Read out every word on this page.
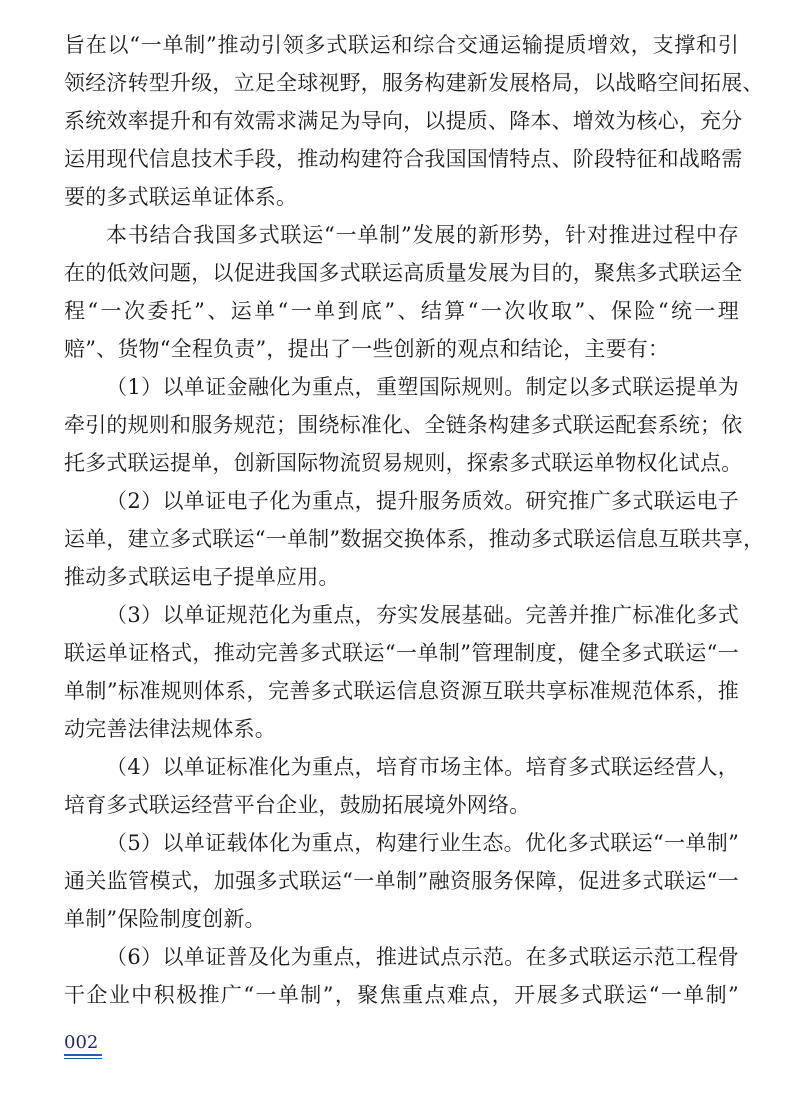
旨在以“一单制”推动引领多式联运和综合交通运输提质增效，支撑和引
领经济转型升级，立足全球视野，服务构建新发展格局，以战略空间拓展、
系统效率提升和有效需求满足为导向，以提质、降本、增效为核心，充分
运用现代信息技术手段，推动构建符合我国国情特点、阶段特征和战略需
要的多式联运单证体系。
本书结合我国多式联运“一单制”发展的新形势，针对推进过程中存
在的低效问题，以促进我国多式联运高质量发展为目的，聚焦多式联运全
程“一次委托”、运单“一单到底”、结算“一次收取”、保险“统一理
赔”、货物“全程负责”，提出了一些创新的观点和结论，主要有：
（1）以单证金融化为重点，重塑国际规则。制定以多式联运提单为
牵引的规则和服务规范；围绕标准化、全链条构建多式联运配套系统；依
托多式联运提单，创新国际物流贸易规则，探索多式联运单物权化试点。
（2）以单证电子化为重点，提升服务质效。研究推广多式联运电子
运单，建立多式联运“一单制”数据交换体系，推动多式联运信息互联共享，
推动多式联运电子提单应用。
（3）以单证规范化为重点，夯实发展基础。完善并推广标准化多式
联运单证格式，推动完善多式联运“一单制”管理制度，健全多式联运“一
单制”标准规则体系，完善多式联运信息资源互联共享标准规范体系，推
动完善法律法规体系。
（4）以单证标准化为重点，培育市场主体。培育多式联运经营人，
培育多式联运经营平台企业，鼓励拓展境外网络。
（5）以单证载体化为重点，构建行业生态。优化多式联运“一单制”
通关监管模式，加强多式联运“一单制”融资服务保障，促进多式联运“一
单制”保险制度创新。
（6）以单证普及化为重点，推进试点示范。在多式联运示范工程骨
干企业中积极推广“一单制”，聚焦重点难点，开展多式联运“一单制”
002
